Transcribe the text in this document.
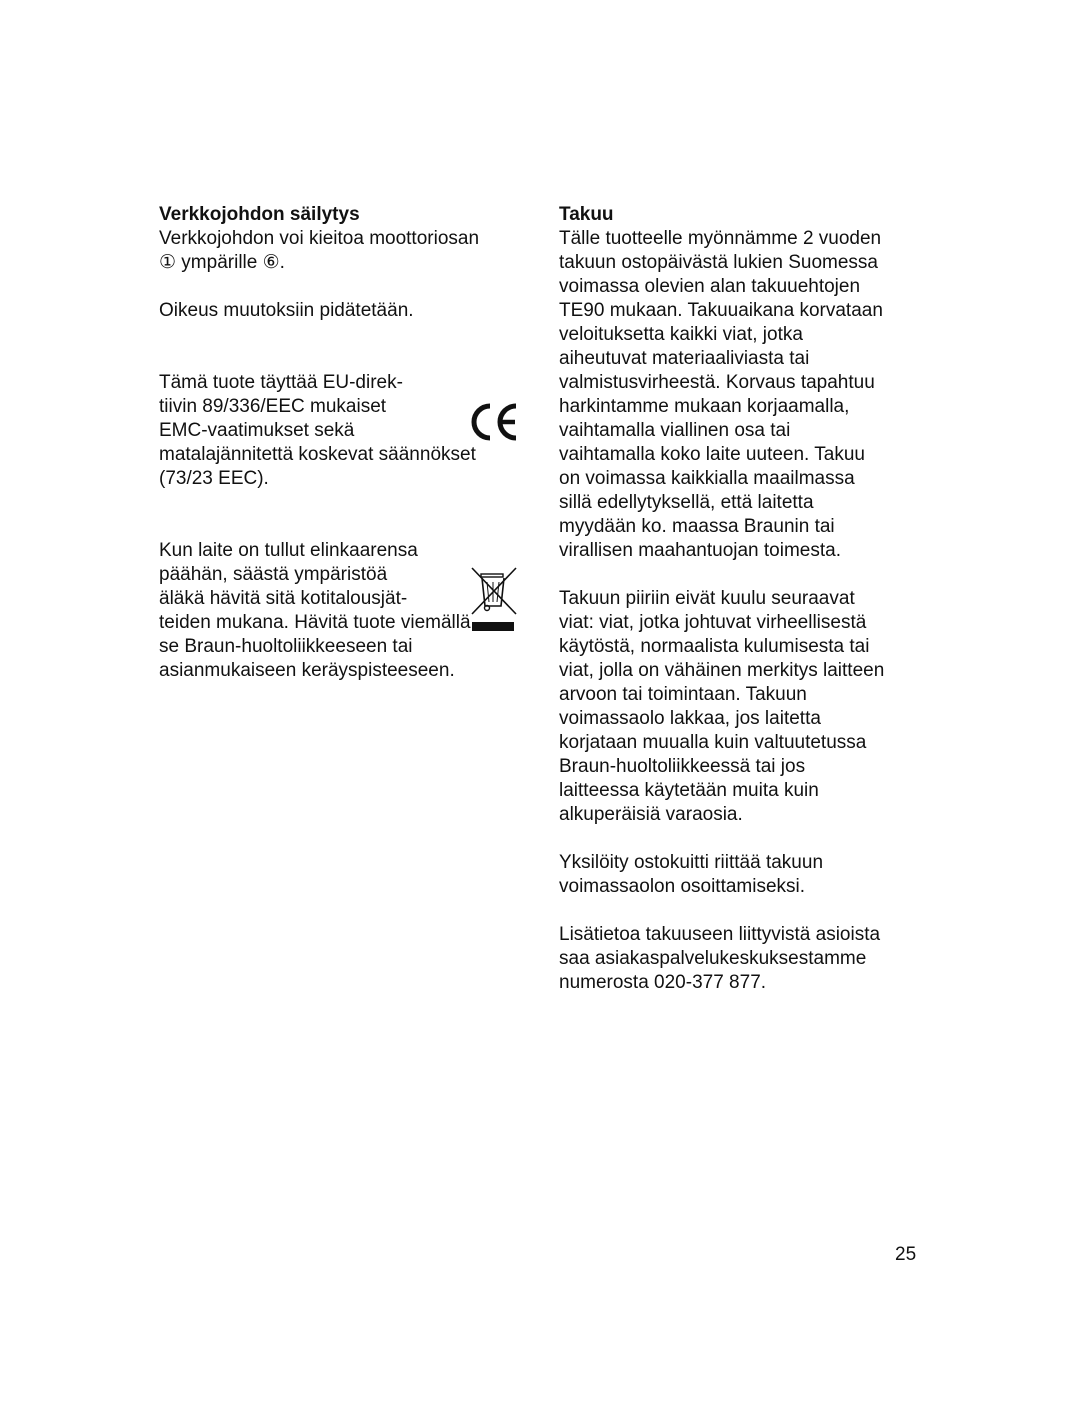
Verkkojohdon säilytys
Verkkojohdon voi kieitoa moottoriosan
① ympärille ⑥.
Oikeus muutoksiin pidätetään.
Tämä tuote täyttää EU-direk-
tiivin 89/336/EEC mukaiset
EMC-vaatimukset sekä
matalajännitettä koskevat säännökset
(73/23 EEC).
Kun laite on tullut elinkaarensa
päähän, säästä ympäristöä
äläkä hävitä sitä kotitalousjät-
teiden mukana. Hävitä tuote viemällä
se Braun-huoltoliikkeeseen tai
asianmukaiseen keräyspisteeseen.
Takuu
Tälle tuotteelle myönnämme 2 vuoden
takuun ostopäivästä lukien Suomessa
voimassa olevien alan takuuehtojen
TE90 mukaan. Takuuaikana korvataan
veloituksetta kaikki viat, jotka
aiheutuvat materiaaliviasta tai
valmistusvirheestä. Korvaus tapahtuu
harkintamme mukaan korjaamalla,
vaihtamalla viallinen osa tai
vaihtamalla koko laite uuteen. Takuu
on voimassa kaikkialla maailmassa
sillä edellytyksellä, että laitetta
myydään ko. maassa Braunin tai
virallisen maahantuojan toimesta.
Takuun piiriin eivät kuulu seuraavat
viat: viat, jotka johtuvat virheellisestä
käytöstä, normaalista kulumisesta tai
viat, jolla on vähäinen merkitys laitteen
arvoon tai toimintaan. Takuun
voimassaolo lakkaa, jos laitetta
korjataan muualla kuin valtuutetussa
Braun-huoltoliikkeessä tai jos
laitteessa käytetään muita kuin
alkuperäisiä varaosia.
Yksilöity ostokuitti riittää takuun
voimassaolon osoittamiseksi.
Lisätietoa takuuseen liittyvistä asioista
saa asiakaspalvelukeskuksestamme
numerosta 020-377 877.
25
